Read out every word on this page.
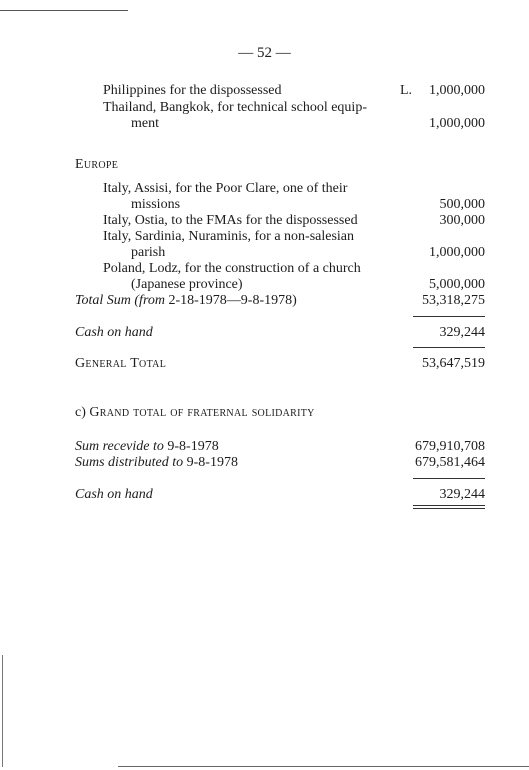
— 52 —
Philippines for the dispossessed	L.	1,000,000
Thailand, Bangkok, for technical school equip-
ment	1,000,000
Europe
Italy, Assisi, for the Poor Clare, one of their
missions	500,000
Italy, Ostia, to the FMAs for the dispossessed	300,000
Italy, Sardinia, Nuraminis, for a non-salesian
parish	1,000,000
Poland, Lodz, for the construction of a church
(Japanese province)	5,000,000
Total Sum (from 2-18-1978—9-8-1978)	53,318,275
Cash on hand	329,244
General Total	53,647,519
c) Grand total of fraternal solidarity
Sum recevide to 9-8-1978	679,910,708
Sums distributed to 9-8-1978	679,581,464
Cash on hand	329,244
